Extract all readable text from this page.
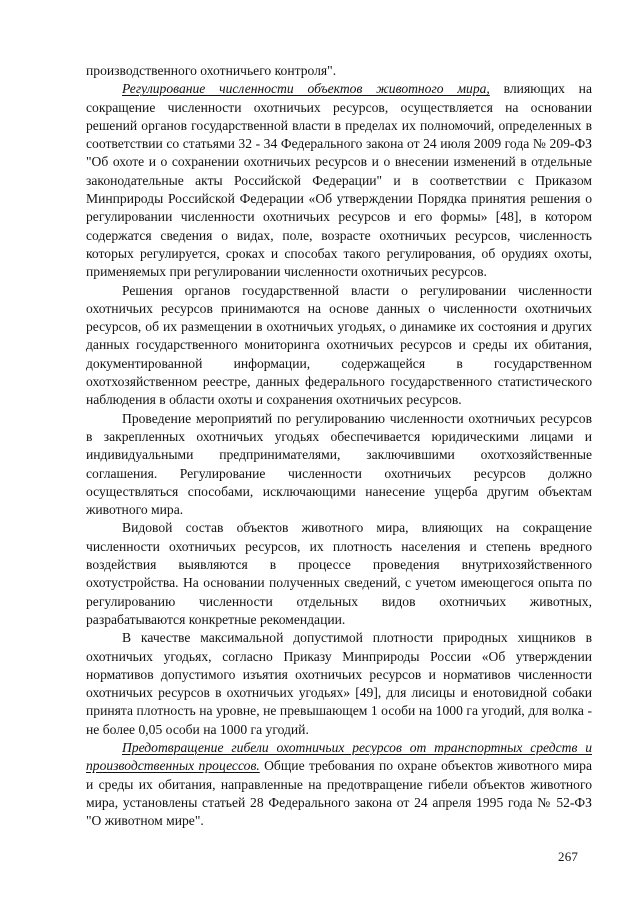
производственного охотничьего контроля".

Регулирование численности объектов животного мира, влияющих на сокращение численности охотничьих ресурсов, осуществляется на основании решений органов государственной власти в пределах их полномочий, определенных в соответствии со статьями 32 - 34 Федерального закона от 24 июля 2009 года № 209-ФЗ "Об охоте и о сохранении охотничьих ресурсов и о внесении изменений в отдельные законодательные акты Российской Федерации" и в соответствии с Приказом Минприроды Российской Федерации «Об утверждении Порядка принятия решения о регулировании численности охотничьих ресурсов и его формы» [48], в котором содержатся сведения о видах, поле, возрасте охотничьих ресурсов, численность которых регулируется, сроках и способах такого регулирования, об орудиях охоты, применяемых при регулировании численности охотничьих ресурсов.

Решения органов государственной власти о регулировании численности охотничьих ресурсов принимаются на основе данных о численности охотничьих ресурсов, об их размещении в охотничьих угодьях, о динамике их состояния и других данных государственного мониторинга охотничьих ресурсов и среды их обитания, документированной информации, содержащейся в государственном охотхозяйственном реестре, данных федерального государственного статистического наблюдения в области охоты и сохранения охотничьих ресурсов.

Проведение мероприятий по регулированию численности охотничьих ресурсов в закрепленных охотничьих угодьях обеспечивается юридическими лицами и индивидуальными предпринимателями, заключившими охотхозяйственные соглашения. Регулирование численности охотничьих ресурсов должно осуществляться способами, исключающими нанесение ущерба другим объектам животного мира.

Видовой состав объектов животного мира, влияющих на сокращение численности охотничьих ресурсов, их плотность населения и степень вредного воздействия выявляются в процессе проведения внутрихозяйственного охотустройства. На основании полученных сведений, с учетом имеющегося опыта по регулированию численности отдельных видов охотничьих животных, разрабатываются конкретные рекомендации.

В качестве максимальной допустимой плотности природных хищников в охотничьих угодьях, согласно Приказу Минприроды России «Об утверждении нормативов допустимого изъятия охотничьих ресурсов и нормативов численности охотничьих ресурсов в охотничьих угодьях» [49], для лисицы и енотовидной собаки принята плотность на уровне, не превышающем 1 особи на 1000 га угодий, для волка - не более 0,05 особи на 1000 га угодий.

Предотвращение гибели охотничьих ресурсов от транспортных средств и производственных процессов. Общие требования по охране объектов животного мира и среды их обитания, направленные на предотвращение гибели объектов животного мира, установлены статьей 28 Федерального закона от 24 апреля 1995 года № 52-ФЗ "О животном мире".

267
